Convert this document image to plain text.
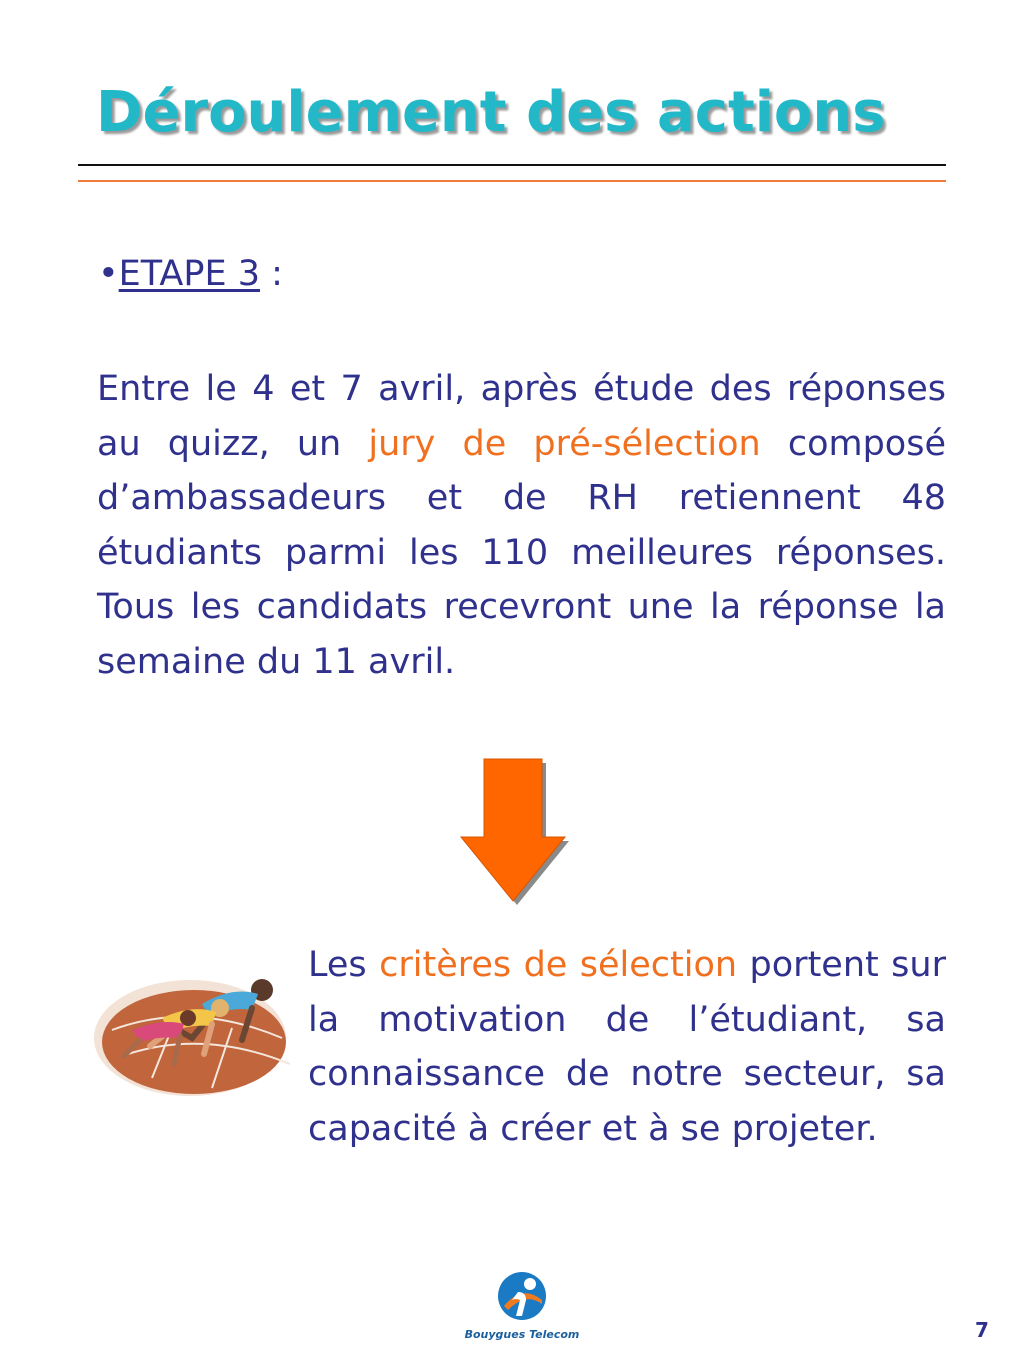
Déroulement des actions

•ETAPE 3 :

Entre le 4 et 7 avril, après étude des réponses au quizz, un jury de pré-sélection composé d’ambassadeurs et de RH retiennent 48 étudiants parmi les 110 meilleures réponses. Tous les candidats recevront une la réponse la semaine du 11 avril.

Les critères de sélection portent sur la motivation de l’étudiant, sa connaissance de notre secteur, sa capacité à créer et à se projeter.

Bouygues Telecom	7
